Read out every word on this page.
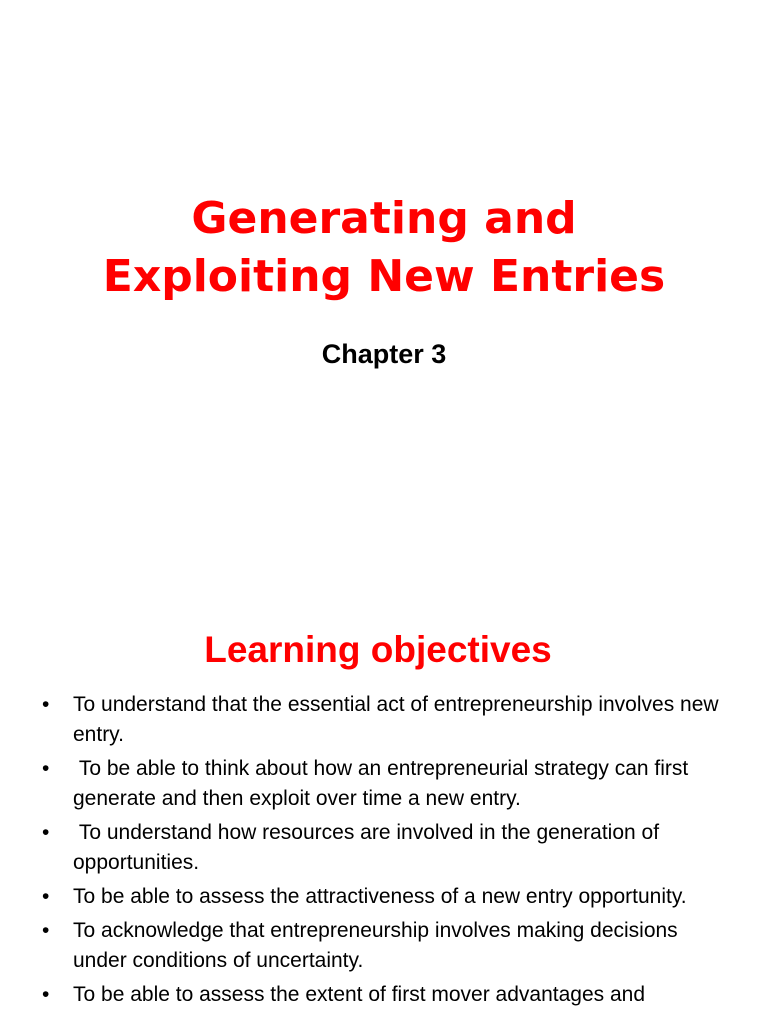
Generating and
Exploiting New Entries
Chapter 3
Learning objectives
• To understand that the essential act of entrepreneurship involves new entry.
• To be able to think about how an entrepreneurial strategy can first generate and then exploit over time a new entry.
• To understand how resources are involved in the generation of opportunities.
• To be able to assess the attractiveness of a new entry opportunity.
• To acknowledge that entrepreneurship involves making decisions under conditions of uncertainty.
• To be able to assess the extent of first mover advantages and
